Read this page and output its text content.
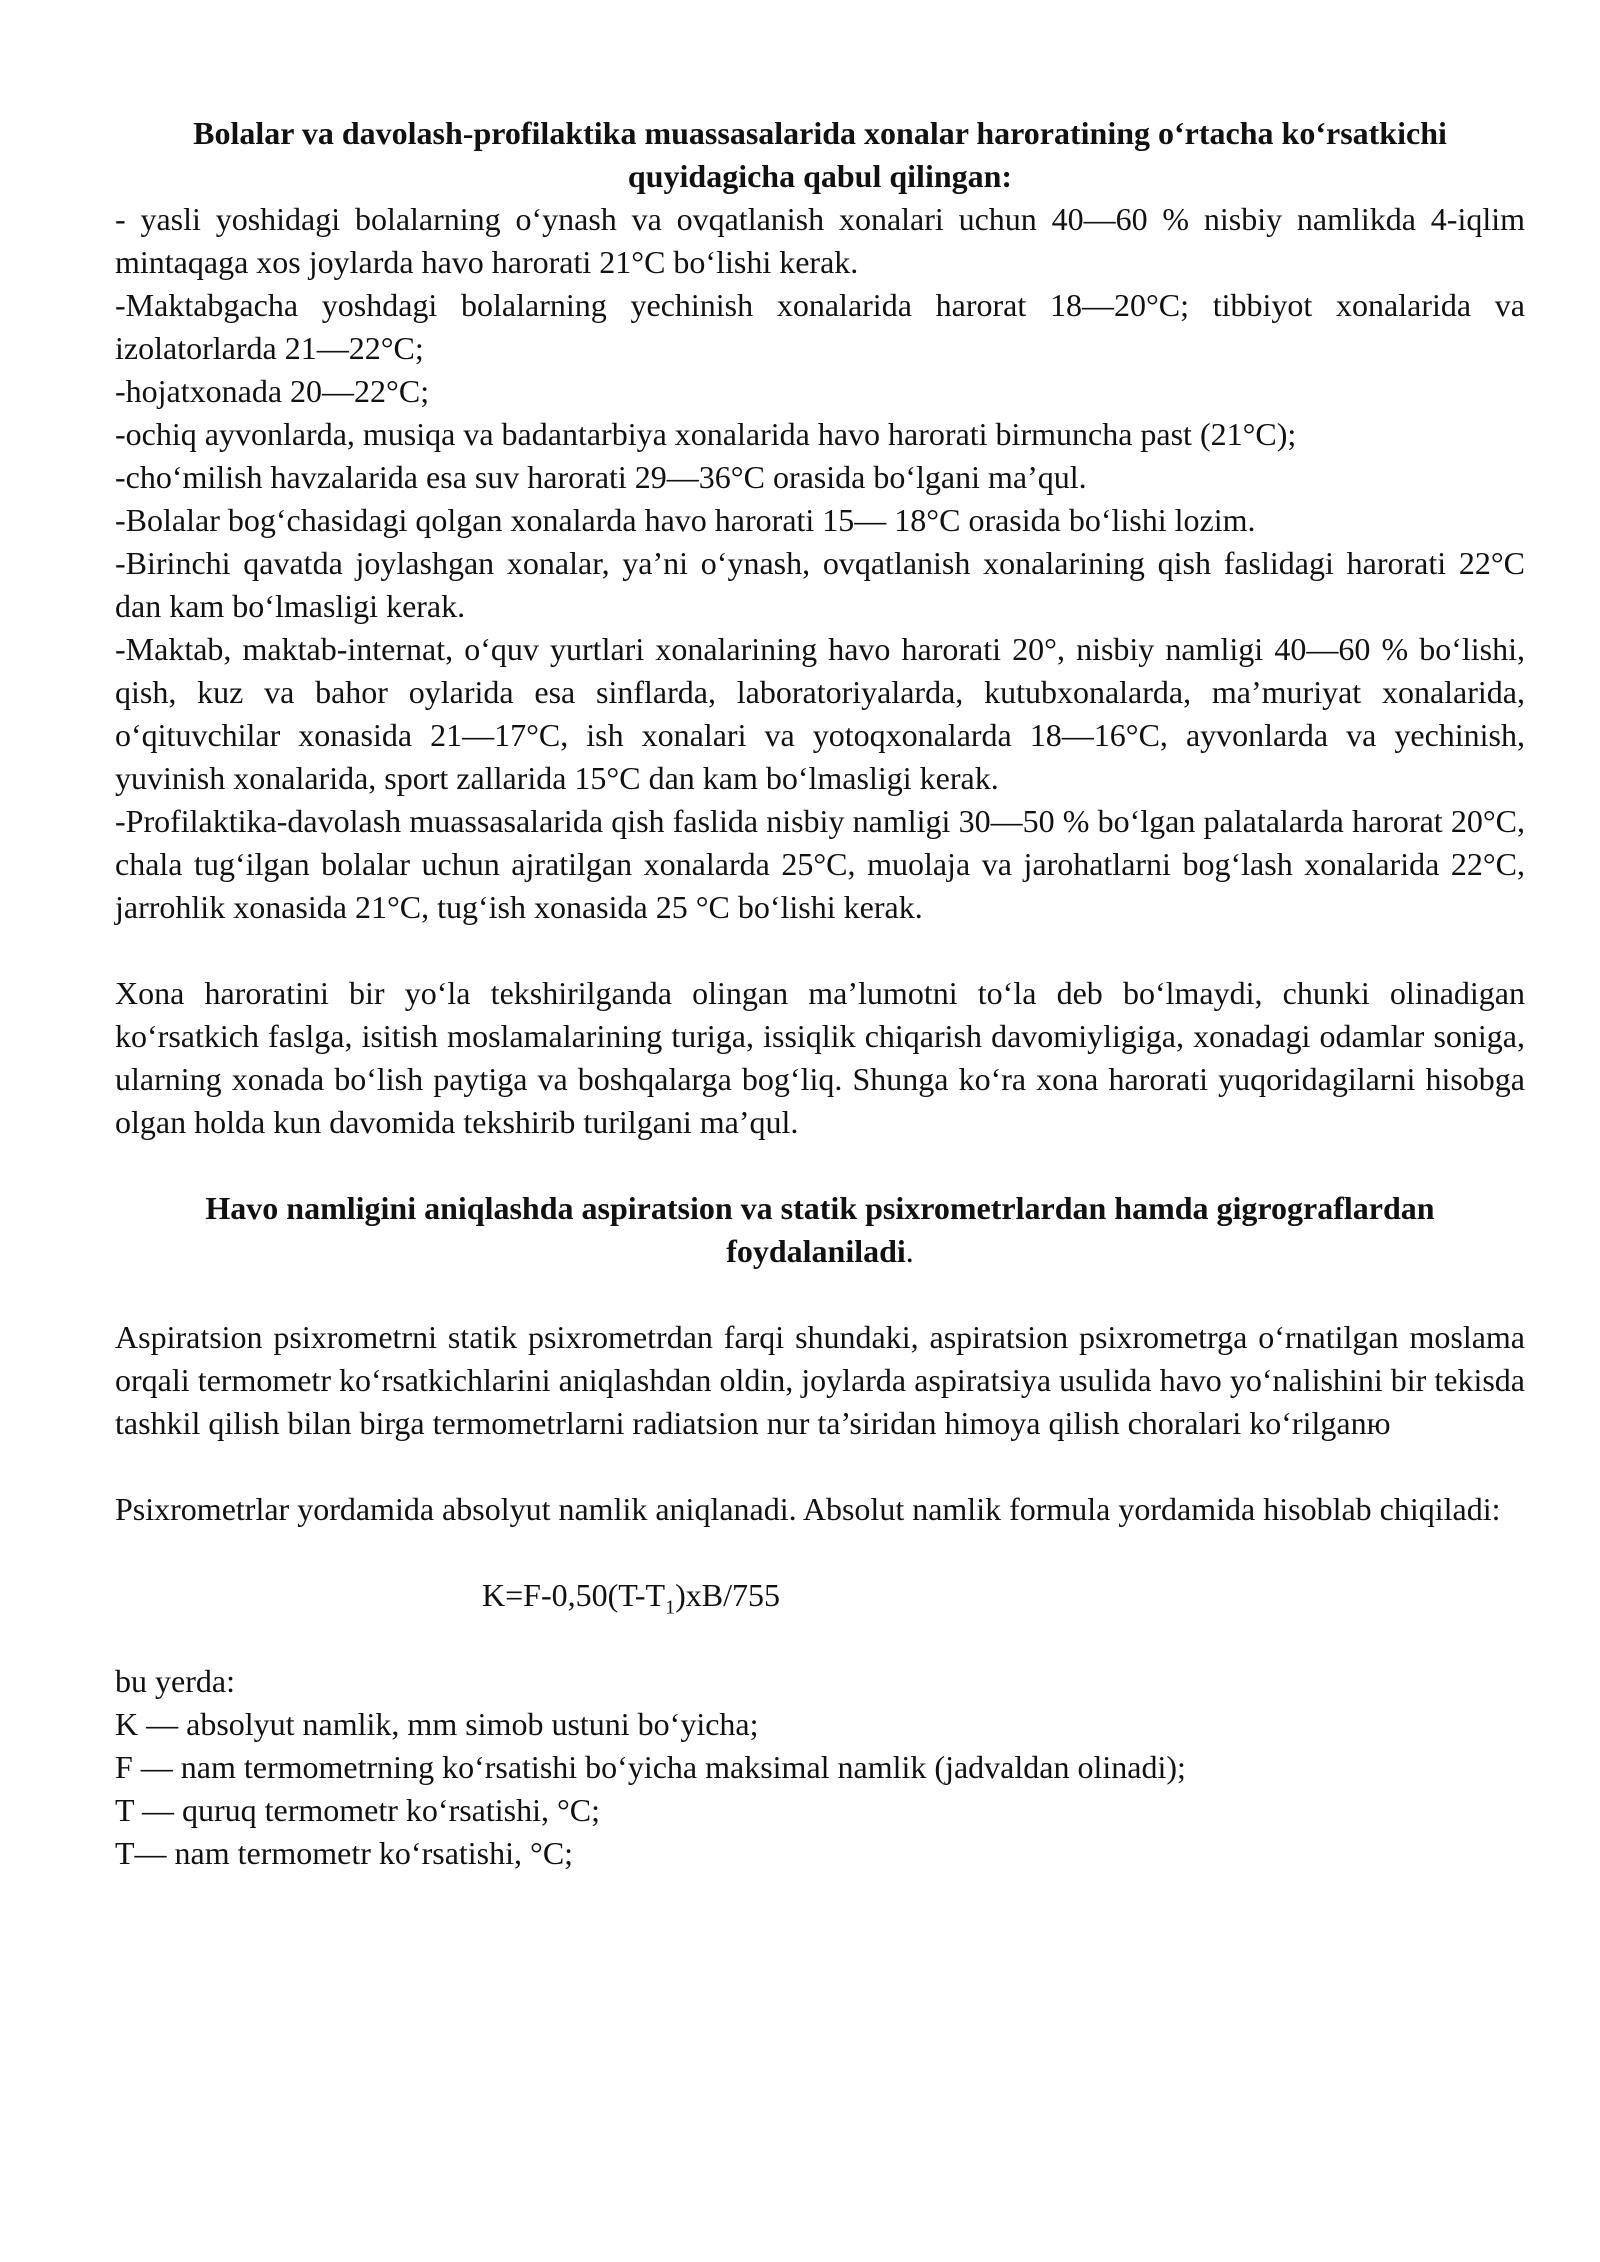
Bolalar va davolash-profilaktika muassasalarida xonalar haroratining o‘rtacha ko‘rsatkichi quyidagicha qabul qilingan:

- yasli yoshidagi bolalarning o‘ynash va ovqatlanish xonalari uchun 40—60 % nisbiy namlikda 4-iqlim mintaqaga xos joylarda havo harorati 21°C bo‘lishi kerak.

-Maktabgacha yoshdagi bolalarning yechinish xonalarida harorat 18—20°C; tibbiyot xonalarida va izolatorlarda 21—22°C;

-hojatxonada 20—22°C;

-ochiq ayvonlarda, musiqa va badantarbiya xonalarida havo harorati birmuncha past (21°C);

-cho‘milish havzalarida esa suv harorati 29—36°C orasida bo‘lgani ma’qul.

-Bolalar bog‘chasidagi qolgan xonalarda havo harorati 15— 18°C orasida bo‘lishi lozim.

-Birinchi qavatda joylashgan xonalar, ya’ni o‘ynash, ovqatlanish xonalarining qish faslidagi harorati 22°C dan kam bo‘lmasligi kerak.

-Maktab, maktab-internat, o‘quv yurtlari xonalarining havo harorati 20°, nisbiy namligi 40—60 % bo‘lishi, qish, kuz va bahor oylarida esa sinflarda, laboratoriyalarda, kutubxonalarda, ma’muriyat xonalarida, o‘qituvchilar xonasida 21—17°C, ish xonalari va yotoqxonalarda 18—16°C, ayvonlarda va yechinish, yuvinish xonalarida, sport zallarida 15°C dan kam bo‘lmasligi kerak.

-Profilaktika-davolash muassasalarida qish faslida nisbiy namligi 30—50 % bo‘lgan palatalarda harorat 20°C, chala tug‘ilgan bolalar uchun ajratilgan xonalarda 25°C, muolaja va jarohatlarni bog‘lash xonalarida 22°C, jarrohlik xonasida 21°C, tug‘ish xonasida 25 °C bo‘lishi kerak.

Xona haroratini bir yo‘la tekshirilganda olingan ma’lumotni to‘la deb bo‘lmaydi, chunki olinadigan ko‘rsatkich faslga, isitish moslamalarining turiga, issiqlik chiqarish davomiyligiga, xonadagi odamlar soniga, ularning xonada bo‘lish paytiga va boshqalarga bog‘liq. Shunga ko‘ra xona harorati yuqoridagilarni hisobga olgan holda kun davomida tekshirib turilgani ma’qul.

Havo namligini aniqlashda aspiratsion va statik psixrometrlardan hamda gigrograflardan foydalaniladi.

Aspiratsion psixrometrni statik psixrometrdan farqi shundaki, aspiratsion psixrometrga o‘rnatilgan moslama orqali termometr ko‘rsatkichlarini aniqlashdan oldin, joylarda aspiratsiya usulida havo yo‘nalishini bir tekisda tashkil qilish bilan birga termometrlarni radiatsion nur ta’siridan himoya qilish choralari ko‘rilganю

Psixrometrlar yordamida absolyut namlik aniqlanadi. Absolut namlik formula yordamida hisoblab chiqiladi:

$K=F-0,50(T-T_1)xB/755$

bu yerda:

K — absolyut namlik, mm simob ustuni bo‘yicha;

F — nam termometrning ko‘rsatishi bo‘yicha maksimal namlik (jadvaldan olinadi);

T — quruq termometr ko‘rsatishi, °C;

T— nam termometr ko‘rsatishi, °C;
